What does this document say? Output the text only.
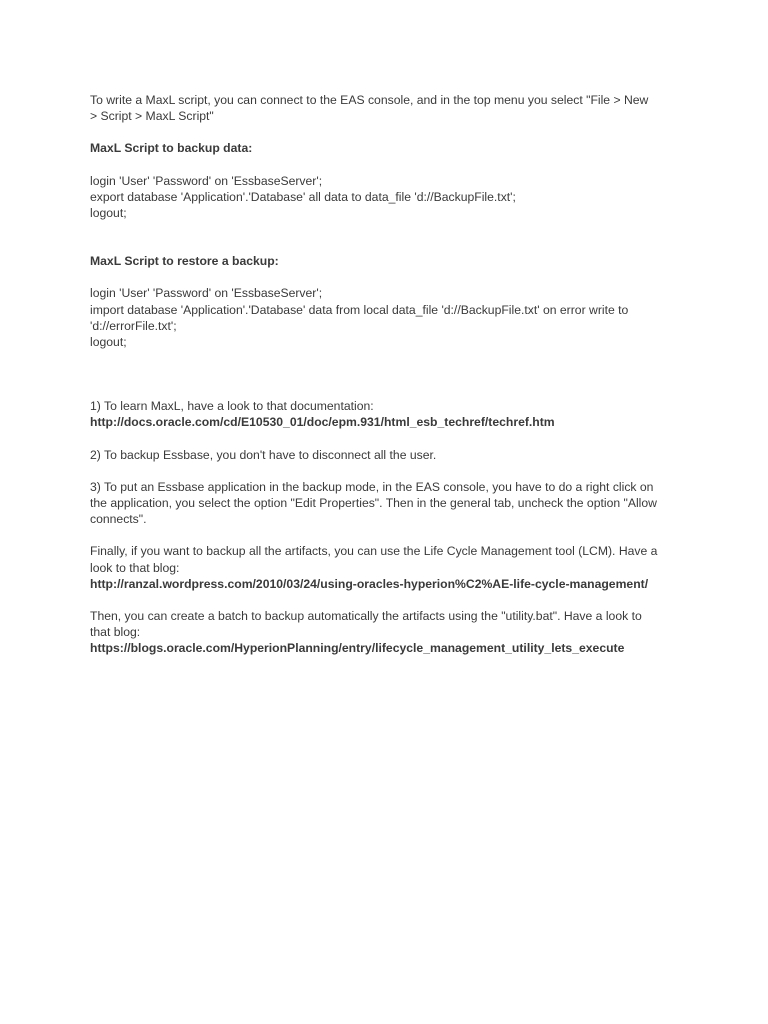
To write a MaxL script, you can connect to the EAS console, and in the top menu you select "File > New
> Script > MaxL Script"

MaxL Script to backup data:

login 'User' 'Password' on 'EssbaseServer';
export database 'Application'.'Database' all data to data_file 'd://BackupFile.txt';
logout;

MaxL Script to restore a backup:

login 'User' 'Password' on 'EssbaseServer';
import database 'Application'.'Database' data from local data_file 'd://BackupFile.txt' on error write to
'd://errorFile.txt';
logout;

1) To learn MaxL, have a look to that documentation:
http://docs.oracle.com/cd/E10530_01/doc/epm.931/html_esb_techref/techref.htm

2) To backup Essbase, you don't have to disconnect all the user.

3) To put an Essbase application in the backup mode, in the EAS console, you have to do a right click on
the application, you select the option "Edit Properties". Then in the general tab, uncheck the option "Allow
connects".

Finally, if you want to backup all the artifacts, you can use the Life Cycle Management tool (LCM). Have a
look to that blog:
http://ranzal.wordpress.com/2010/03/24/using-oracles-hyperion%C2%AE-life-cycle-management/

Then, you can create a batch to backup automatically the artifacts using the "utility.bat". Have a look to
that blog:
https://blogs.oracle.com/HyperionPlanning/entry/lifecycle_management_utility_lets_execute
